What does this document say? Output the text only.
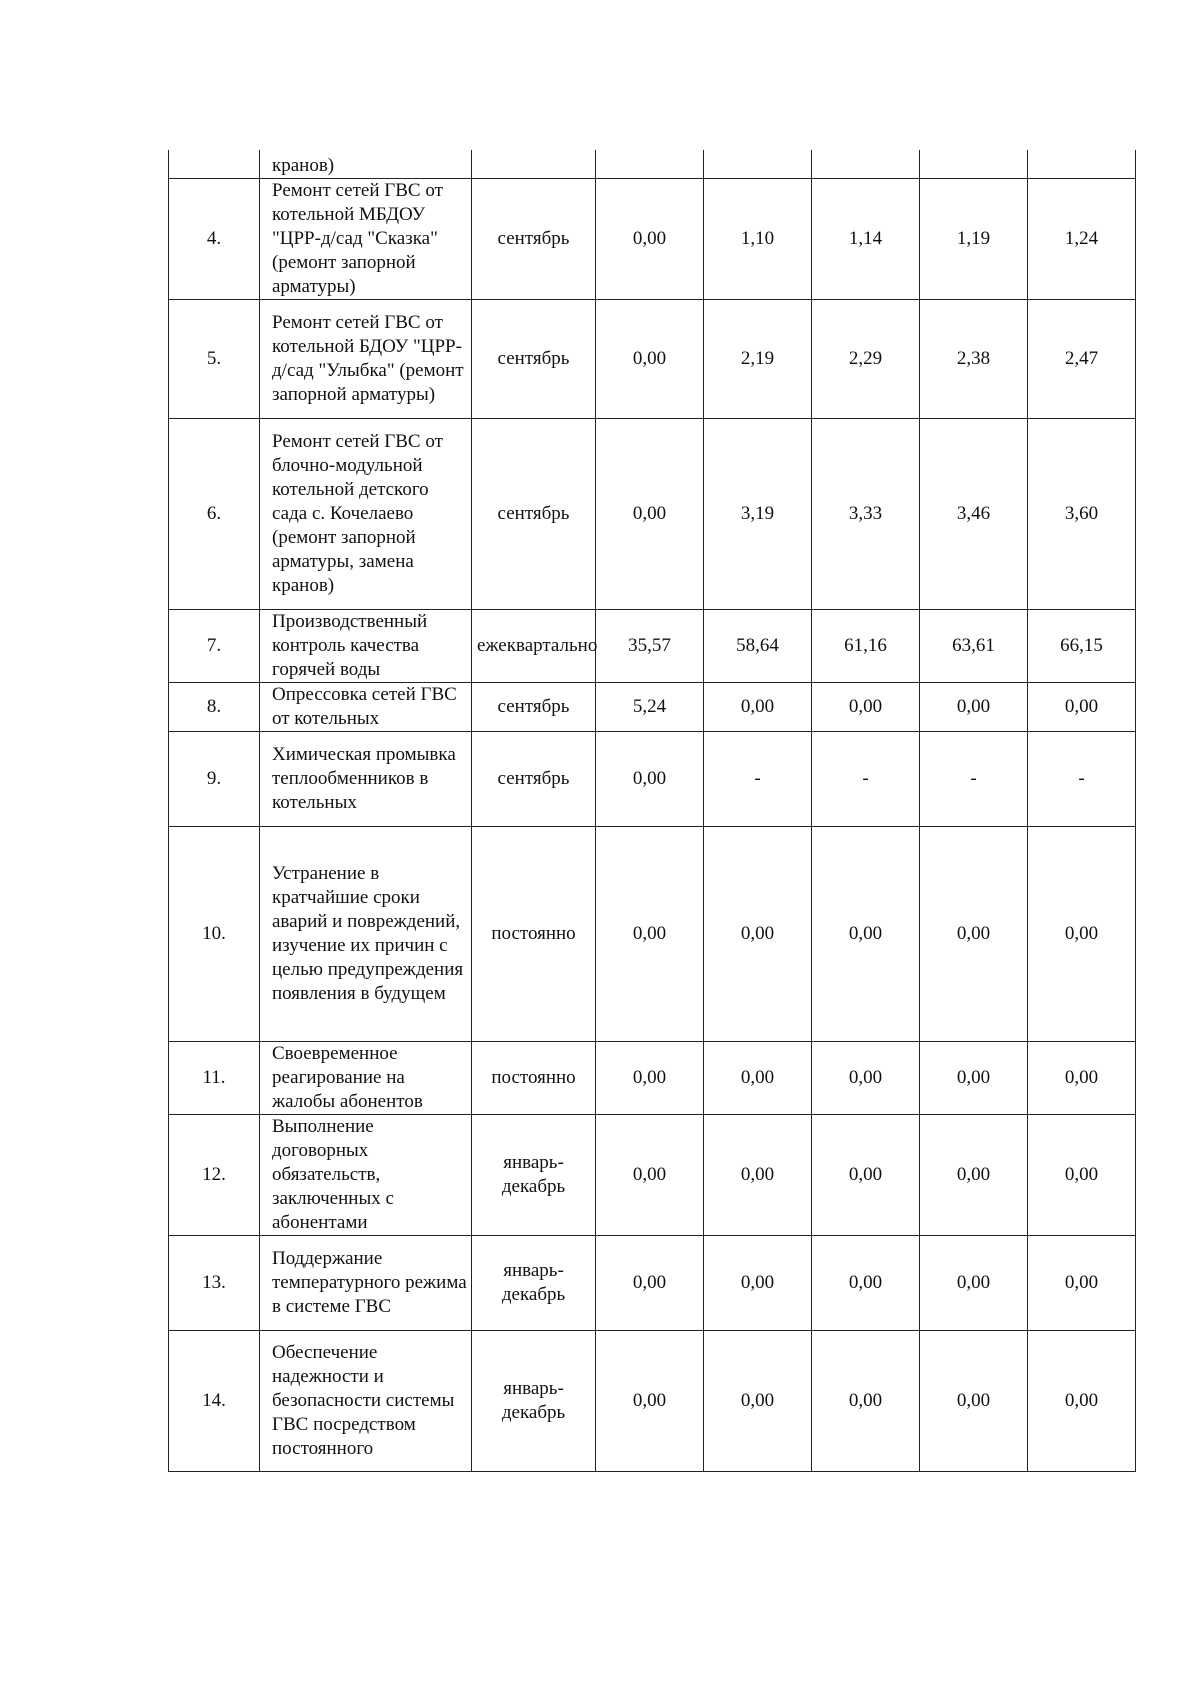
	кранов)						
4.	Ремонт сетей ГВС от котельной МБДОУ "ЦРР-д/сад "Сказка" (ремонт запорной арматуры)	сентябрь	0,00	1,10	1,14	1,19	1,24
5.	Ремонт сетей ГВС от котельной БДОУ "ЦРР-д/сад "Улыбка" (ремонт запорной арматуры)	сентябрь	0,00	2,19	2,29	2,38	2,47
6.	Ремонт сетей ГВС от блочно-модульной котельной детского сада с. Кочелаево (ремонт запорной арматуры, замена кранов)	сентябрь	0,00	3,19	3,33	3,46	3,60
7.	Производственный контроль качества горячей воды	ежеквартально	35,57	58,64	61,16	63,61	66,15
8.	Опрессовка сетей ГВС от котельных	сентябрь	5,24	0,00	0,00	0,00	0,00
9.	Химическая промывка теплообменников в котельных	сентябрь	0,00	-	-	-	-
10.	Устранение в кратчайшие сроки аварий и повреждений, изучение их причин с целью предупреждения появления в будущем	постоянно	0,00	0,00	0,00	0,00	0,00
11.	Своевременное реагирование на жалобы абонентов	постоянно	0,00	0,00	0,00	0,00	0,00
12.	Выполнение договорных обязательств, заключенных с абонентами	январь-декабрь	0,00	0,00	0,00	0,00	0,00
13.	Поддержание температурного режима в системе ГВС	январь-декабрь	0,00	0,00	0,00	0,00	0,00
14.	Обеспечение надежности и безопасности системы ГВС посредством постоянного	январь-декабрь	0,00	0,00	0,00	0,00	0,00
